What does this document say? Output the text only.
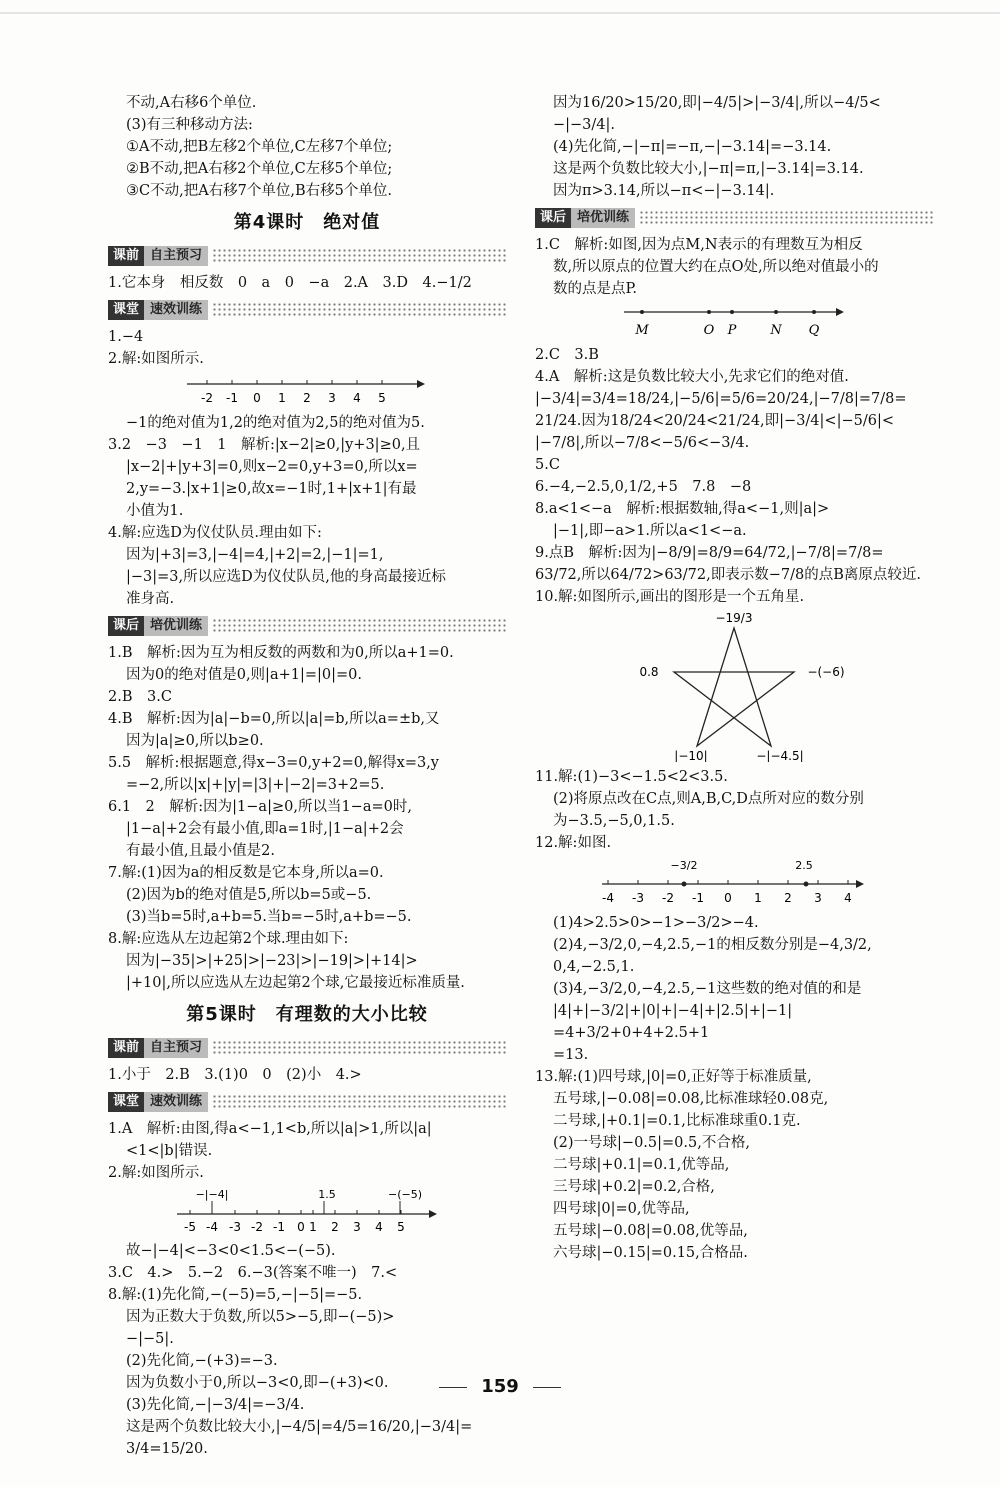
不动,A右移6个单位.

(3)有三种移动方法:

①A不动,把B左移2个单位,C左移7个单位;

②B不动,把A右移2个单位,C左移5个单位;

③C不动,把A右移7个单位,B右移5个单位.

第4课时　绝对值
课前 自主预习

1.它本身　相反数　0　a　0　−a　2.A　3.D　4.−1/2

课堂 速效训练

1.−4

2.解:如图所示.

-2 -1 0 1 2 3 4 5

−1的绝对值为1,2的绝对值为2,5的绝对值为5.

3.2　−3　−1　1　解析:|x−2|≥0,|y+3|≥0,且

|x−2|+|y+3|=0,则x−2=0,y+3=0,所以x=

2,y=−3.|x+1|≥0,故x=−1时,1+|x+1|有最

小值为1.

4.解:应选D为仪仗队员.理由如下:

因为|+3|=3,|−4|=4,|+2|=2,|−1|=1,

|−3|=3,所以应选D为仪仗队员,他的身高最接近标

准身高.

课后 培优训练

1.B　解析:因为互为相反数的两数和为0,所以a+1=0.

因为0的绝对值是0,则|a+1|=|0|=0.

2.B　3.C

4.B　解析:因为|a|−b=0,所以|a|=b,所以a=±b,又

因为|a|≥0,所以b≥0.

5.5　解析:根据题意,得x−3=0,y+2=0,解得x=3,y

=−2,所以|x|+|y|=|3|+|−2|=3+2=5.

6.1　2　解析:因为|1−a|≥0,所以当1−a=0时,

|1−a|+2会有最小值,即a=1时,|1−a|+2会

有最小值,且最小值是2.

7.解:(1)因为a的相反数是它本身,所以a=0.

(2)因为b的绝对值是5,所以b=5或−5.

(3)当b=5时,a+b=5.当b=−5时,a+b=−5.

8.解:应选从左边起第2个球.理由如下:

因为|−35|>|+25|>|−23|>|−19|>|+14|>

|+10|,所以应选从左边起第2个球,它最接近标准质量.

第5课时　有理数的大小比较
课前 自主预习

1.小于　2.B　3.(1)0　0　(2)小　4.>

课堂 速效训练

1.A　解析:由图,得a<−1,1<b,所以|a|>1,所以|a|

<1<|b|错误.

2.解:如图所示.

−|−4|	1.5	−(−5)
-5 -4 -3 -2 -1 0 1 2 3 4 5

故−|−4|<−3<0<1.5<−(−5).

3.C　4.>　5.−2　6.−3(答案不唯一)　7.<

8.解:(1)先化简,−(−5)=5,−|−5|=−5.

因为正数大于负数,所以5>−5,即−(−5)>

−|−5|.

(2)先化简,−(+3)=−3.

因为负数小于0,所以−3<0,即−(+3)<0.

(3)先化简,−|−3/4|=−3/4.

这是两个负数比较大小,|−4/5|=4/5=16/20,|−3/4|=

3/4=15/20.

因为16/20>15/20,即|−4/5|>|−3/4|,所以−4/5<

−|−3/4|.

(4)先化简,−|−π|=−π,−|−3.14|=−3.14.

这是两个负数比较大小,|−π|=π,|−3.14|=3.14.

因为π>3.14,所以−π<−|−3.14|.

课后 培优训练

1.C　解析:如图,因为点M,N表示的有理数互为相反

数,所以原点的位置大约在点O处,所以绝对值最小的

数的点是点P.

M	O P	N Q

2.C　3.B

4.A　解析:这是负数比较大小,先求它们的绝对值.

|−3/4|=3/4=18/24,|−5/6|=5/6=20/24,|−7/8|=7/8=

21/24.因为18/24<20/24<21/24,即|−3/4|<|−5/6|<

|−7/8|,所以−7/8<−5/6<−3/4.

5.C

6.−4,−2.5,0,1/2,+5　7.8　−8

8.a<1<−a　解析:根据数轴,得a<−1,则|a|>

|−1|,即−a>1.所以a<1<−a.

9.点B　解析:因为|−8/9|=8/9=64/72,|−7/8|=7/8=

63/72,所以64/72>63/72,即表示数−7/8的点B离原点较近.

10.解:如图所示,画出的图形是一个五角星.

−19/3
0.8	−(−6)
|−10|	−|−4.5|

11.解:(1)−3<−1.5<2<3.5.

(2)将原点改在C点,则A,B,C,D点所对应的数分别

为−3.5,−5,0,1.5.

12.解:如图.

−3/2	2.5
-4 -3 -2 -1 0 1 2 3 4

(1)4>2.5>0>−1>−3/2>−4.

(2)4,−3/2,0,−4,2.5,−1的相反数分别是−4,3/2,

0,4,−2.5,1.

(3)4,−3/2,0,−4,2.5,−1这些数的绝对值的和是

|4|+|−3/2|+|0|+|−4|+|2.5|+|−1|

=4+3/2+0+4+2.5+1

=13.

13.解:(1)四号球,|0|=0,正好等于标准质量,

五号球,|−0.08|=0.08,比标准球轻0.08克,

二号球,|+0.1|=0.1,比标准球重0.1克.

(2)一号球|−0.5|=0.5,不合格,

二号球|+0.1|=0.1,优等品,

三号球|+0.2|=0.2,合格,

四号球|0|=0,优等品,

五号球|−0.08|=0.08,优等品,

六号球|−0.15|=0.15,合格品.

159
